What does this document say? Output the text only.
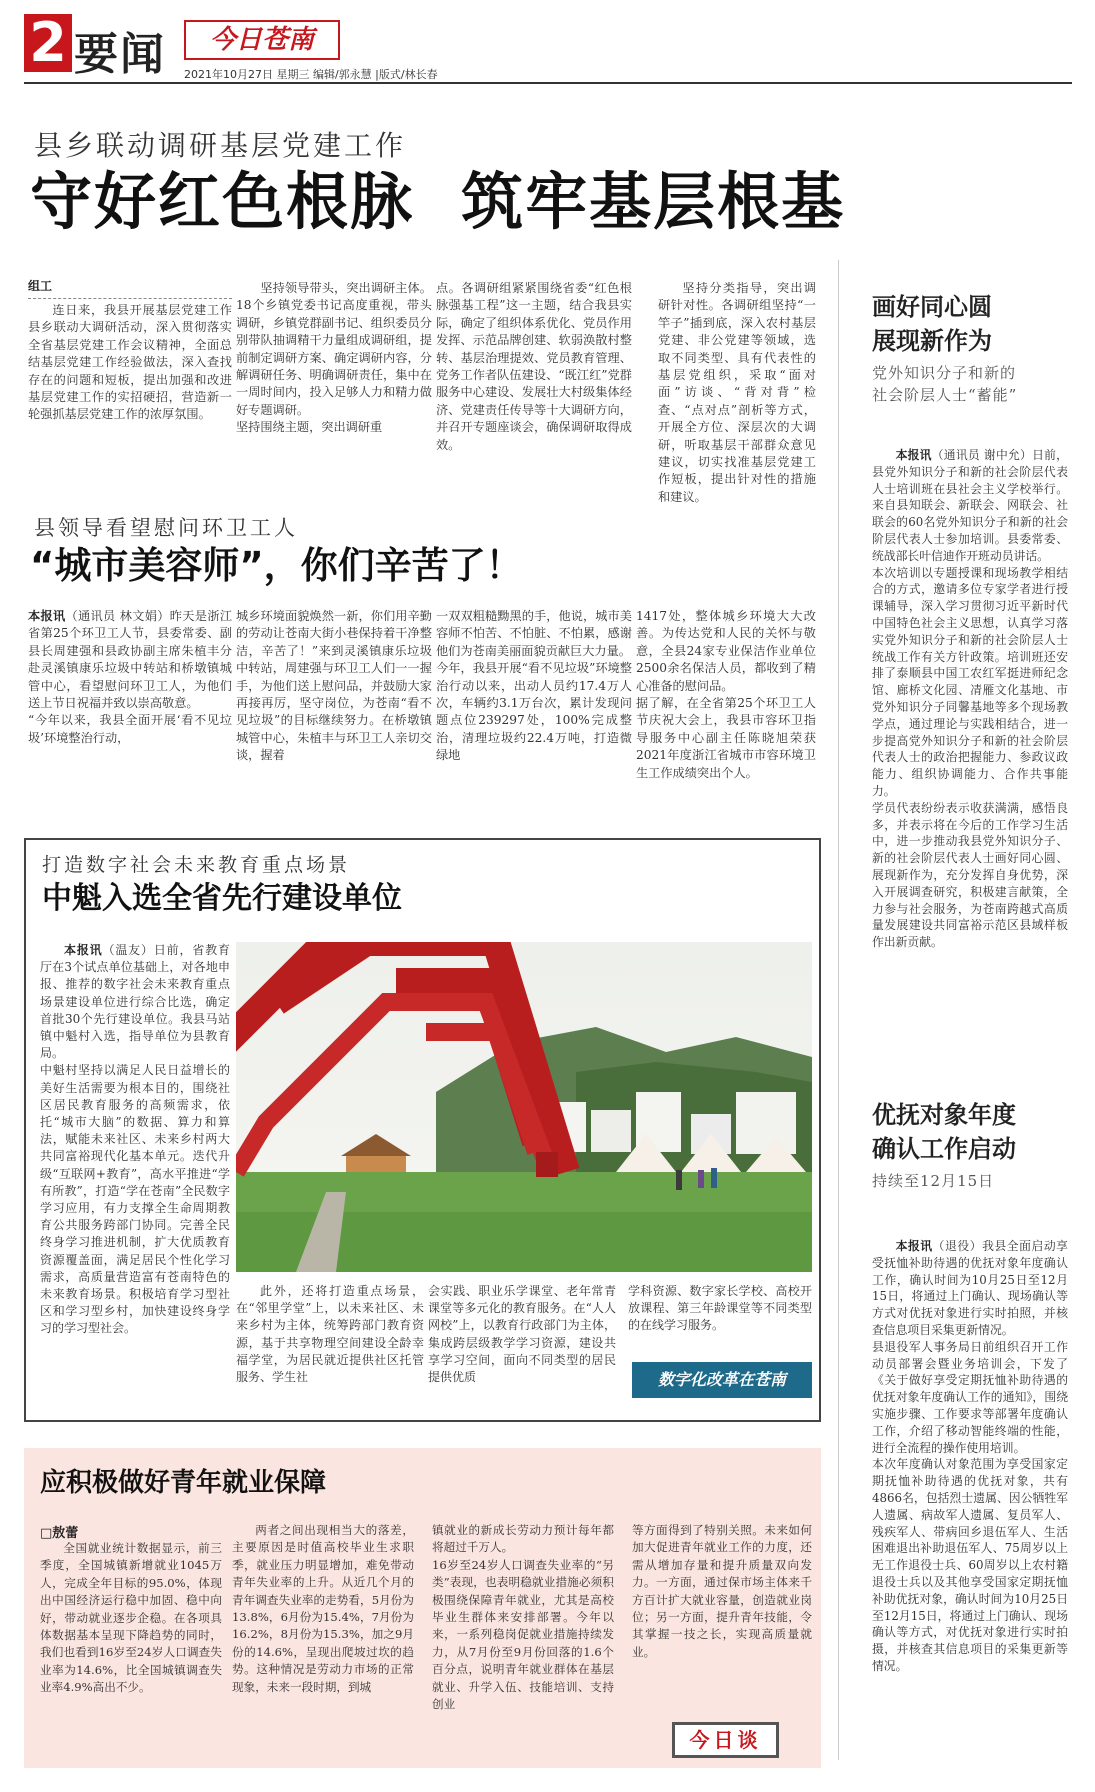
2 要闻	今日苍南
2021年10月27日 星期三 编辑/郭永慧 |版式/林长春
县乡联动调研基层党建工作
守好红色根脉  筑牢基层根基
组工
连日来，我县开展基层党建工作县乡联动大调研活动，深入贯彻落实全省基层党建工作会议精神，全面总结基层党建工作经验做法，深入查找存在的问题和短板，提出加强和改进基层党建工作的实招硬招，营造新一轮强抓基层党建工作的浓厚氛围。
坚持领导带头，突出调研主体。18个乡镇党委书记高度重视，带头调研，乡镇党群副书记、组织委员分别带队抽调精干力量组成调研组，提前制定调研方案、确定调研内容，分解调研任务、明确调研责任，集中在一周时间内，投入足够人力和精力做好专题调研。
坚持围绕主题，突出调研重
点。各调研组紧紧围绕省委“红色根脉强基工程”这一主题，结合我县实际，确定了组织体系优化、党员作用发挥、示范品牌创建、软弱涣散村整转、基层治理提效、党员教育管理、党务工作者队伍建设、“既江红”党群服务中心建设、发展壮大村级集体经济、党建责任传导等十大调研方向，并召开专题座谈会，确保调研取得成效。
坚持分类指导，突出调研针对性。各调研组坚持“一竿子”插到底，深入农村基层党建、非公党建等领域，选取不同类型、具有代表性的基层党组织，采取“面对面”访谈、“背对背”检查、“点对点”剖析等方式，开展全方位、深层次的大调研，听取基层干部群众意见建议，切实找准基层党建工作短板，提出针对性的措施和建议。
县领导看望慰问环卫工人
“城市美容师”，你们辛苦了！
本报讯（通讯员 林文娟）昨天是浙江省第25个环卫工人节，县委常委、副县长周建强和县政协副主席朱植丰分赴灵溪镇康乐垃圾中转站和桥墩镇城管中心，看望慰问环卫工人，为他们送上节日祝福并致以崇高敬意。
“今年以来，我县全面开展‘看不见垃圾’环境整治行动，
城乡环境面貌焕然一新，你们用辛勤的劳动让苍南大街小巷保持着干净整洁，辛苦了！”来到灵溪镇康乐垃圾中转站，周建强与环卫工人们一一握手，为他们送上慰问品，并鼓励大家再接再厉，坚守岗位，为苍南“看不见垃圾”的目标继续努力。在桥墩镇城管中心，朱植丰与环卫工人亲切交谈，握着
一双双粗糙黝黑的手，他说，城市美容师不怕苦、不怕脏、不怕累，感谢他们为苍南美丽面貌贡献巨大力量。
今年，我县开展“看不见垃圾”环境整治行动以来，出动人员约17.4万人次，车辆约3.1万台次，累计发现问题点位239297处，100%完成整治，清理垃圾约22.4万吨，打造微绿地
1417处，整体城乡环境大大改善。为传达党和人民的关怀与敬意，全县24家专业保洁作业单位2500余名保洁人员，都收到了精心准备的慰问品。
据了解，在全省第25个环卫工人节庆祝大会上，我县市容环卫指导服务中心副主任陈晓旭荣获2021年度浙江省城市市容环境卫生工作成绩突出个人。
打造数字社会未来教育重点场景
中魁入选全省先行建设单位
本报讯（温友）日前，省教育厅在3个试点单位基础上，对各地申报、推荐的数字社会未来教育重点场景建设单位进行综合比选，确定首批30个先行建设单位。我县马站镇中魁村入选，指导单位为县教育局。
中魁村坚持以满足人民日益增长的美好生活需要为根本目的，围绕社区居民教育服务的高频需求，依托“城市大脑”的数据、算力和算法，赋能未来社区、未来乡村两大共同富裕现代化基本单元。迭代升级“互联网+教育”，高水平推进“学有所教”，打造“学在苍南”全民数字学习应用，有力支撑全生命周期教育公共服务跨部门协同。完善全民终身学习推进机制，扩大优质教育资源覆盖面，满足居民个性化学习需求，高质量营造富有苍南特色的未来教育场景。积极培育学习型社区和学习型乡村，加快建设终身学习的学习型社会。
此外，还将打造重点场景，在“邻里学堂”上，以未来社区、未来乡村为主体，统筹跨部门教育资源，基于共享物理空间建设全龄幸福学堂，为居民就近提供社区托管服务、学生社
会实践、职业乐学课堂、老年常青课堂等多元化的教育服务。在“人人网校”上，以教育行政部门为主体，集成跨层级教学学习资源，建设共享学习空间，面向不同类型的居民提供优质
学科资源、数字家长学校、高校开放课程、第三年龄课堂等不同类型的在线学习服务。
数字化改革在苍南
应积极做好青年就业保障
□敖蕾
全国就业统计数据显示，前三季度，全国城镇新增就业1045万人，完成全年目标的95.0%，体现出中国经济运行稳中加固、稳中向好，带动就业逐步企稳。在各项具体数据基本呈现下降趋势的同时，我们也看到16岁至24岁人口调查失业率为14.6%，比全国城镇调查失业率4.9%高出不少。
两者之间出现相当大的落差，主要原因是时值高校毕业生求职季，就业压力明显增加，难免带动青年失业率的上升。从近几个月的青年调查失业率的走势看，5月份为13.8%，6月份为15.4%，7月份为16.2%，8月份为15.3%，加之9月份的14.6%，呈现出爬坡过坎的趋势。这种情况是劳动力市场的正常现象，未来一段时期，到城
镇就业的新成长劳动力预计每年都将超过千万人。
16岁至24岁人口调查失业率的“另类”表现，也表明稳就业措施必须积极围绕保障青年就业，尤其是高校毕业生群体来安排部署。今年以来，一系列稳岗促就业措施持续发力，从7月份至9月份回落的1.6个百分点，说明青年就业群体在基层就业、升学入伍、技能培训、支持创业
等方面得到了特别关照。未来如何加大促进青年就业工作的力度，还需从增加存量和提升质量双向发力。一方面，通过保市场主体来千方百计扩大就业容量，创造就业岗位；另一方面，提升青年技能，令其掌握一技之长，实现高质量就业。
今日谈
画好同心圆
展现新作为
党外知识分子和新的
社会阶层人士“蓄能”
本报讯（通讯员 谢中允）日前，县党外知识分子和新的社会阶层代表人士培训班在县社会主义学校举行。来自县知联会、新联会、网联会、社联会的60名党外知识分子和新的社会阶层代表人士参加培训。县委常委、统战部长叶信迪作开班动员讲话。
本次培训以专题授课和现场教学相结合的方式，邀请多位专家学者进行授课辅导，深入学习贯彻习近平新时代中国特色社会主义思想，认真学习落实党外知识分子和新的社会阶层人士统战工作有关方针政策。培训班还安排了泰顺县中国工农红军挺进师纪念馆、廊桥文化园、凊雁文化基地、市党外知识分子同馨基地等多个现场教学点，通过理论与实践相结合，进一步提高党外知识分子和新的社会阶层代表人士的政治把握能力、参政议政能力、组织协调能力、合作共事能力。
学员代表纷纷表示收获满满，感悟良多，并表示将在今后的工作学习生活中，进一步推动我县党外知识分子、新的社会阶层代表人士画好同心圆、展现新作为，充分发挥自身优势，深入开展调查研究，积极建言献策，全力参与社会服务，为苍南跨越式高质量发展建设共同富裕示范区县域样板作出新贡献。
优抚对象年度
确认工作启动
持续至12月15日
本报讯（退役）我县全面启动享受抚恤补助待遇的优抚对象年度确认工作，确认时间为10月25日至12月15日，将通过上门确认、现场确认等方式对优抚对象进行实时拍照，并核查信息项目采集更新情况。
县退役军人事务局日前组织召开工作动员部署会暨业务培训会，下发了《关于做好享受定期抚恤补助待遇的优抚对象年度确认工作的通知》，围绕实施步骤、工作要求等部署年度确认工作，介绍了移动智能终端的性能，进行全流程的操作使用培训。
本次年度确认对象范围为享受国家定期抚恤补助待遇的优抚对象，共有4866名，包括烈士遗属、因公牺牲军人遗属、病故军人遗属、复员军人、残疾军人、带病回乡退伍军人、生活困难退出补助退伍军人、75周岁以上无工作退役士兵、60周岁以上农村籍退役士兵以及其他享受国家定期抚恤补助优抚对象，确认时间为10月25日至12月15日，将通过上门确认、现场确认等方式，对优抚对象进行实时拍摄，并核查其信息项目的采集更新等情况。
